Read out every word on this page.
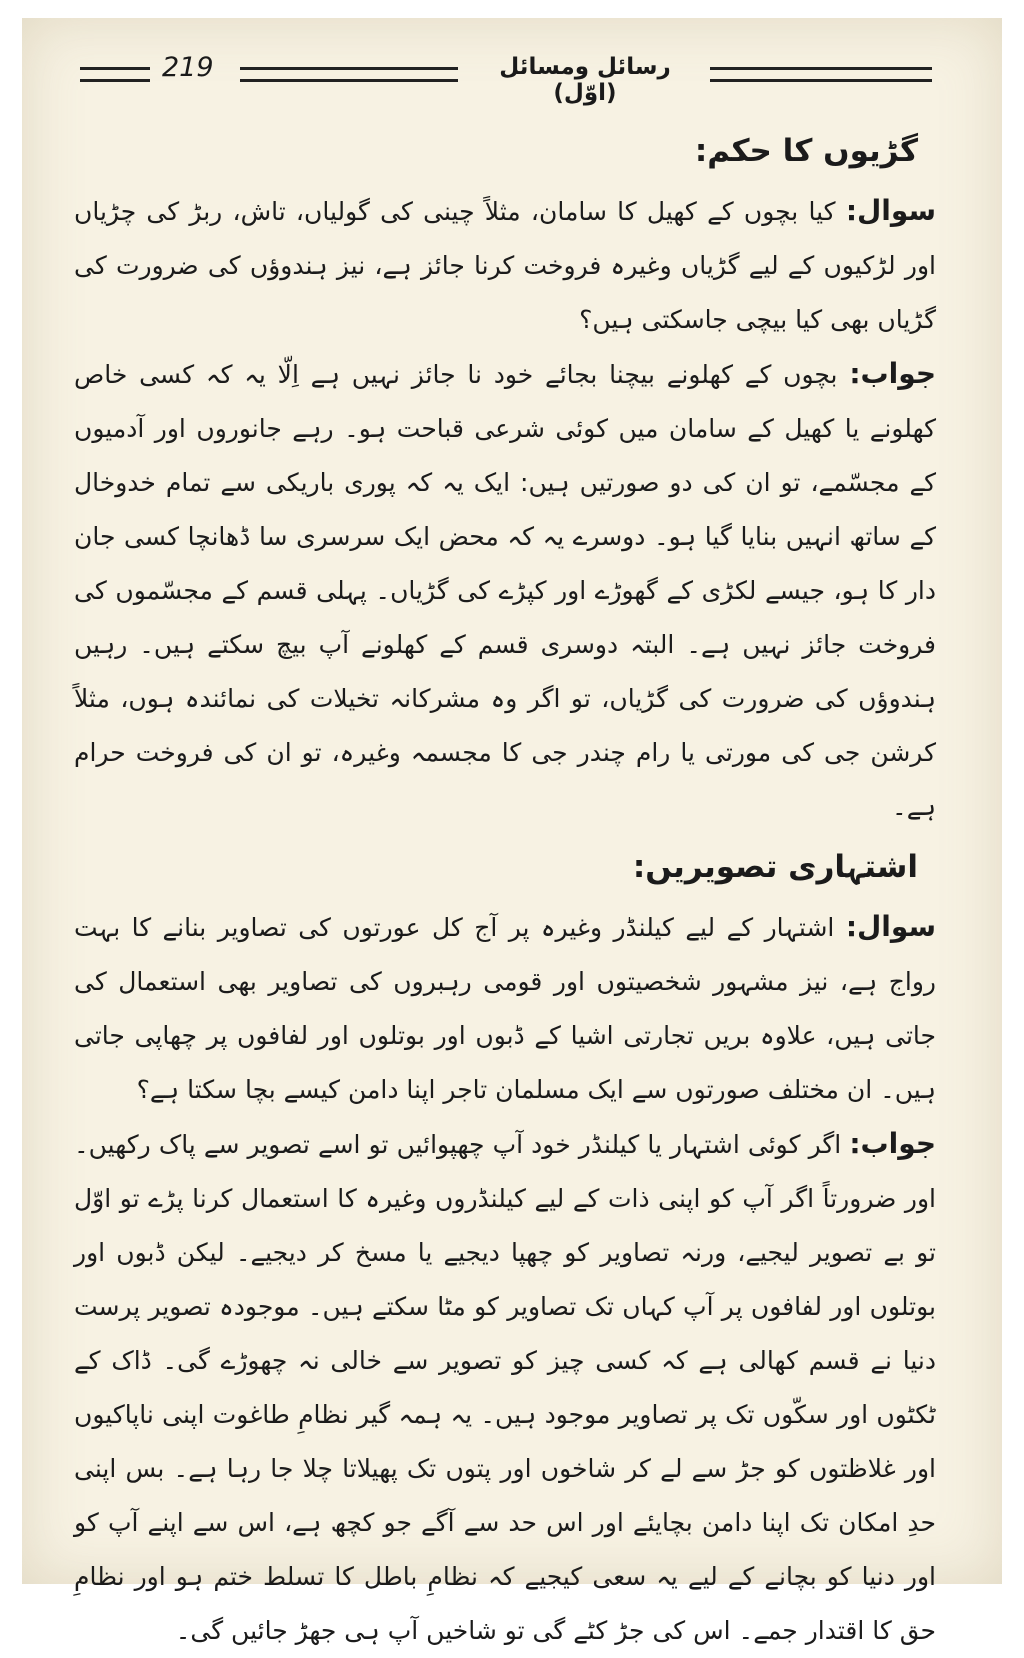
219	رسائل ومسائل (اوّل)
گڑیوں کا حکم:

سوال: کیا بچوں کے کھیل کا سامان، مثلاً چینی کی گولیاں، تاش، ربڑ کی چڑیاں اور لڑکیوں کے لیے گڑیاں وغیرہ فروخت کرنا جائز ہے، نیز ہندوؤں کی ضرورت کی گڑیاں بھی کیا بیچی جاسکتی ہیں؟

جواب: بچوں کے کھلونے بیچنا بجائے خود نا جائز نہیں ہے اِلّا یہ کہ کسی خاص کھلونے یا کھیل کے سامان میں کوئی شرعی قباحت ہو۔ رہے جانوروں اور آدمیوں کے مجسّمے، تو ان کی دو صورتیں ہیں: ایک یہ کہ پوری باریکی سے تمام خدوخال کے ساتھ انہیں بنایا گیا ہو۔ دوسرے یہ کہ محض ایک سرسری سا ڈھانچا کسی جان دار کا ہو، جیسے لکڑی کے گھوڑے اور کپڑے کی گڑیاں۔ پہلی قسم کے مجسّموں کی فروخت جائز نہیں ہے۔ البتہ دوسری قسم کے کھلونے آپ بیچ سکتے ہیں۔ رہیں ہندوؤں کی ضرورت کی گڑیاں، تو اگر وہ مشرکانہ تخیلات کی نمائندہ ہوں، مثلاً کرشن جی کی مورتی یا رام چندر جی کا مجسمہ وغیرہ، تو ان کی فروخت حرام ہے۔

اشتہاری تصویریں:

سوال: اشتہار کے لیے کیلنڈر وغیرہ پر آج کل عورتوں کی تصاویر بنانے کا بہت رواج ہے، نیز مشہور شخصیتوں اور قومی رہبروں کی تصاویر بھی استعمال کی جاتی ہیں، علاوہ بریں تجارتی اشیا کے ڈبوں اور بوتلوں اور لفافوں پر چھاپی جاتی ہیں۔ ان مختلف صورتوں سے ایک مسلمان تاجر اپنا دامن کیسے بچا سکتا ہے؟

جواب: اگر کوئی اشتہار یا کیلنڈر خود آپ چھپوائیں تو اسے تصویر سے پاک رکھیں۔ اور ضرورتاً اگر آپ کو اپنی ذات کے لیے کیلنڈروں وغیرہ کا استعمال کرنا پڑے تو اوّل تو بے تصویر لیجیے، ورنہ تصاویر کو چھپا دیجیے یا مسخ کر دیجیے۔ لیکن ڈبوں اور بوتلوں اور لفافوں پر آپ کہاں تک تصاویر کو مٹا سکتے ہیں۔ موجودہ تصویر پرست دنیا نے قسم کھالی ہے کہ کسی چیز کو تصویر سے خالی نہ چھوڑے گی۔ ڈاک کے ٹکٹوں اور سکّوں تک پر تصاویر موجود ہیں۔ یہ ہمہ گیر نظامِ طاغوت اپنی ناپاکیوں اور غلاظتوں کو جڑ سے لے کر شاخوں اور پتوں تک پھیلاتا چلا جا رہا ہے۔ بس اپنی حدِ امکان تک اپنا دامن بچایئے اور اس حد سے آگے جو کچھ ہے، اس سے اپنے آپ کو اور دنیا کو بچانے کے لیے یہ سعی کیجیے کہ نظامِ باطل کا تسلط ختم ہو اور نظامِ حق کا اقتدار جمے۔ اس کی جڑ کٹے گی تو شاخیں آپ ہی جھڑ جائیں گی۔
